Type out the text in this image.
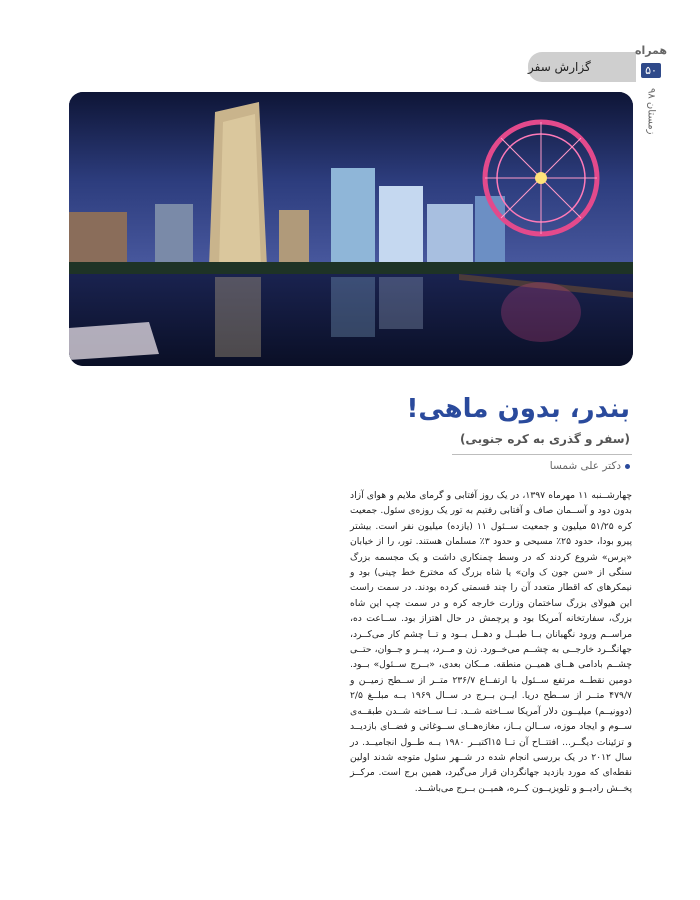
گزارش سفر
همراه
۵۰
زمستان ۹۸
بندر، بدون ماهی!
(سفر و گذری به کره جنوبی)
دکتر علی شمسا

چهارشــنبه ۱۱ مهرماه ۱۳۹۷، در یک روز آفتابی و گرمای ملایم و هوای آزاد بدون دود و آســمان صاف و آفتابی رفتیم به تور یک روزه‌ی سئول. جمعیت کره ۵۱/۲۵ میلیون و جمعیت ســئول ۱۱ (یازده) میلیون نفر است. بیشتر پیرو بودا، حدود ۲۵٪ مسیحی و حدود ۳٪ مسلمان هستند. تور، را از خیابان «پرس» شروع کردند که در وسط چمنکاری داشت و یک مجسمه بزرگ سنگی از «سن جون ک وان» یا شاه بزرگ که مخترع خط چینی) بود و نیمکرهای که اقطار متعدد آن را چند قسمتی کرده بودند. در سمت راست این هیولای بزرگ ساختمان وزارت خارجه کره و در سمت چپ این شاه بزرگ، سفارتخانه آمریکا بود و پرچمش در حال اهتزاز بود. ســاعت ده، مراســم ورود نگهبانان بــا طبــل و دهــل بــود و تــا چشم کار می‌کــرد، جهانگــرد خارجــی به چشــم می‌خــورد. زن و مــرد، پیــر و جــوان، حتــی چشــم بادامی هــای همیــن منطقه. مــکان بعدی، «بــرج ســئول» بــود. دومین نقطــه مرتفع ســئول با ارتفــاع ۲۳۶/۷ متــر از ســطح زمیــن و ۴۷۹/۷ متــر از ســطح دریا. ایــن بــرج در ســال ۱۹۶۹ بــه مبلــغ ۲/۵ (دوونیــم) میلیــون دلار آمریکا ســاخته شــد. تــا ســاخته شــدن طبقــه‌ی ســوم و ایجاد موزه، ســالن بــاز، مغازه‌هــای ســوغاتی و فضــای بازدیــد و تزئینات دیگــر... افتتــاح آن تــا ۱۵اکتبــر ۱۹۸۰ بــه طــول انجامیــد. در سال ۲۰۱۲ در یک بررسی انجام شده در شــهر سئول متوجه شدند اولین نقطه‌ای که مورد بازدید جهانگردان قرار می‌گیرد، همین برج است. مرکــز پخــش رادیــو و تلویزیــون کــره، همیــن بــرج می‌باشــد.
